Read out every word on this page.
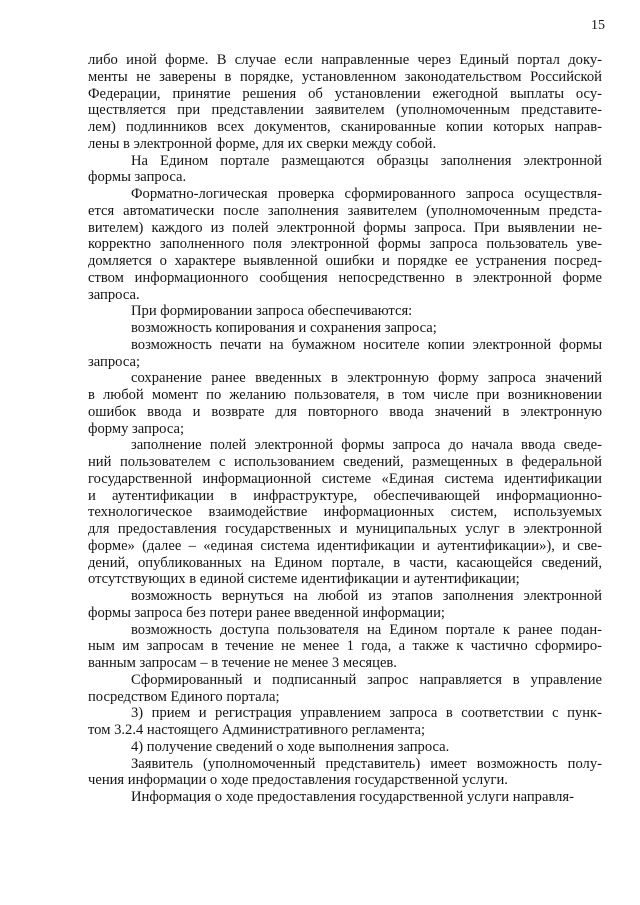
15
либо иной форме. В случае если направленные через Единый портал доку-
менты не заверены в порядке, установленном законодательством Российской
Федерации, принятие решения об установлении ежегодной выплаты осу-
ществляется при представлении заявителем (уполномоченным представите-
лем) подлинников всех документов, сканированные копии которых направ-
лены в электронной форме, для их сверки между собой.
На Едином портале размещаются образцы заполнения электронной
формы запроса.
Форматно-логическая проверка сформированного запроса осуществля-
ется автоматически после заполнения заявителем (уполномоченным предста-
вителем) каждого из полей электронной формы запроса. При выявлении не-
корректно заполненного поля электронной формы запроса пользователь уве-
домляется о характере выявленной ошибки и порядке ее устранения посред-
ством информационного сообщения непосредственно в электронной форме
запроса.
При формировании запроса обеспечиваются:
возможность копирования и сохранения запроса;
возможность печати на бумажном носителе копии электронной формы
запроса;
сохранение ранее введенных в электронную форму запроса значений
в любой момент по желанию пользователя, в том числе при возникновении
ошибок ввода и возврате для повторного ввода значений в электронную
форму запроса;
заполнение полей электронной формы запроса до начала ввода сведе-
ний пользователем с использованием сведений, размещенных в федеральной
государственной информационной системе «Единая система идентификации
и аутентификации в инфраструктуре, обеспечивающей информационно-
технологическое взаимодействие информационных систем, используемых
для предоставления государственных и муниципальных услуг в электронной
форме» (далее – «единая система идентификации и аутентификации»), и све-
дений, опубликованных на Едином портале, в части, касающейся сведений,
отсутствующих в единой системе идентификации и аутентификации;
возможность вернуться на любой из этапов заполнения электронной
формы запроса без потери ранее введенной информации;
возможность доступа пользователя на Едином портале к ранее подан-
ным им запросам в течение не менее 1 года, а также к частично сформиро-
ванным запросам – в течение не менее 3 месяцев.
Сформированный и подписанный запрос направляется в управление
посредством Единого портала;
3) прием и регистрация управлением запроса в соответствии с пунк-
том 3.2.4 настоящего Административного регламента;
4) получение сведений о ходе выполнения запроса.
Заявитель (уполномоченный представитель) имеет возможность полу-
чения информации о ходе предоставления государственной услуги.
Информация о ходе предоставления государственной услуги направля-
